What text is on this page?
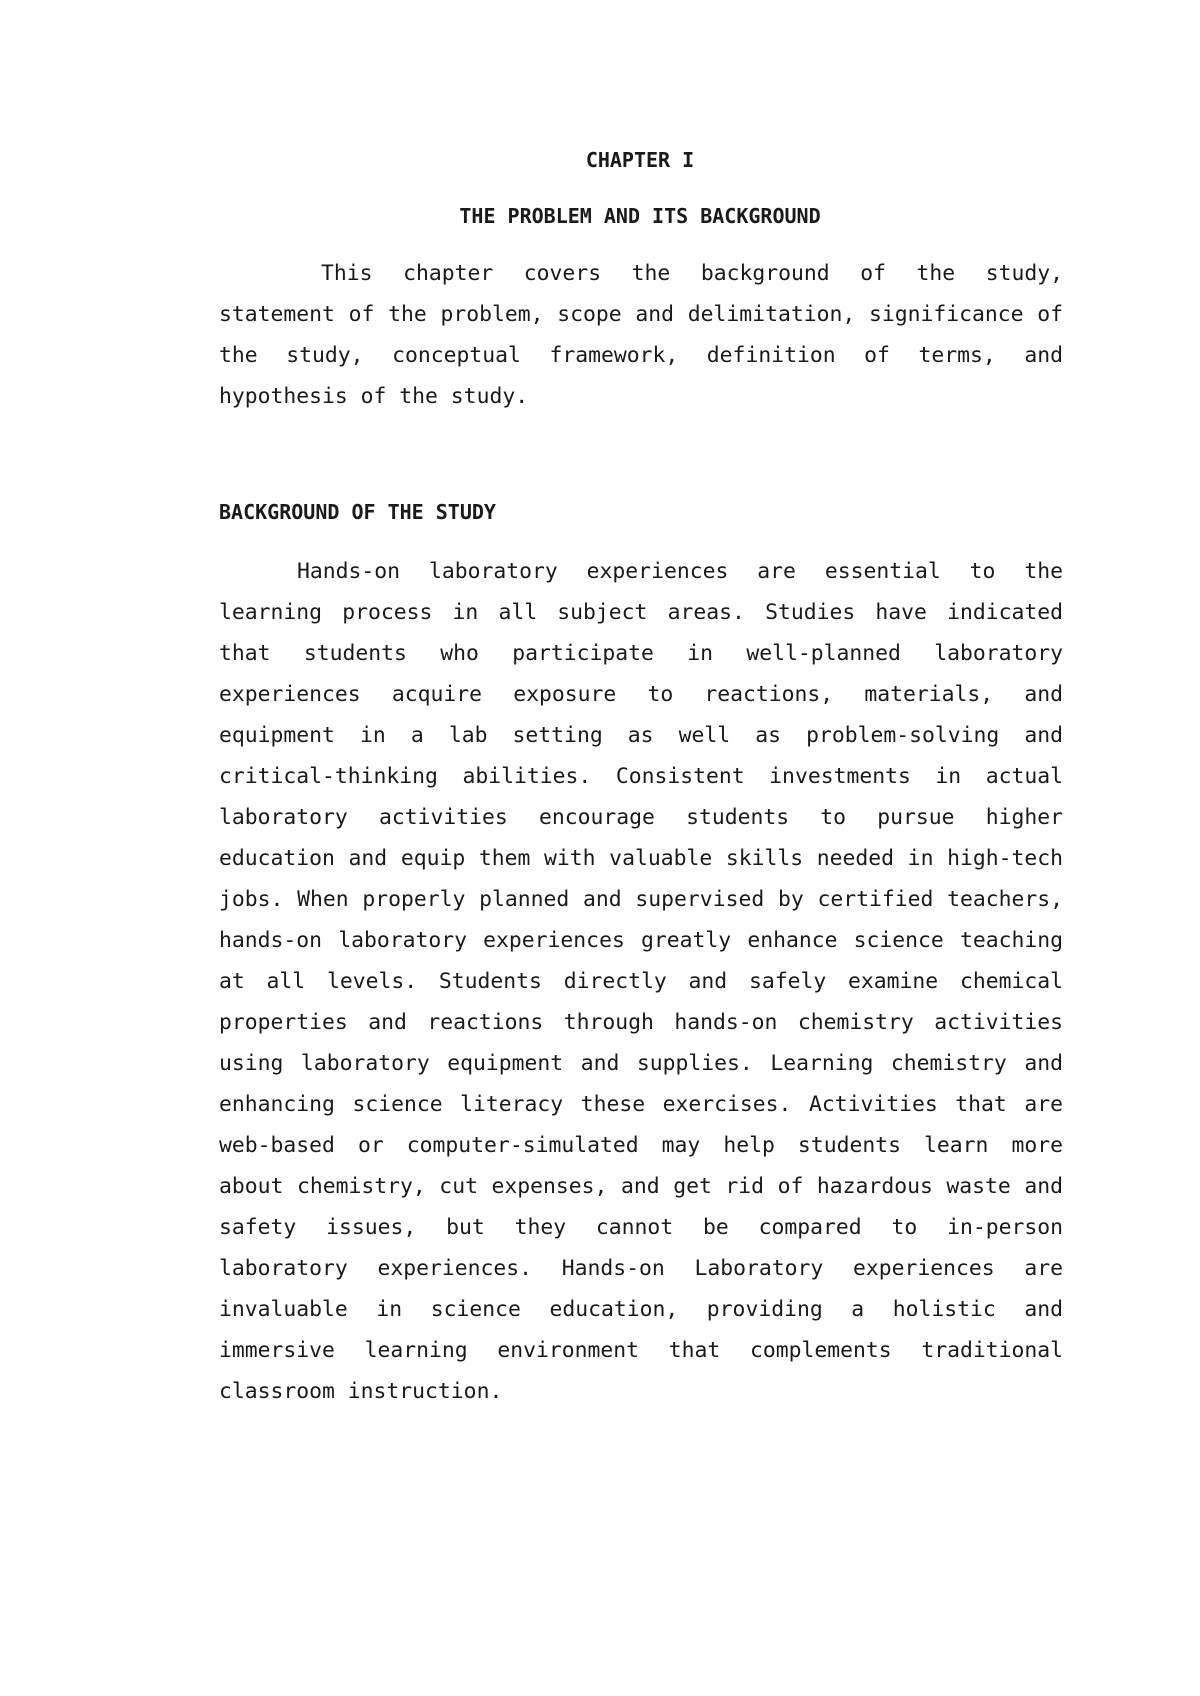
CHAPTER I
THE PROBLEM AND ITS BACKGROUND

This chapter covers the background of the study, statement of the problem, scope and delimitation, significance of the study, conceptual framework, definition of terms, and hypothesis of the study.

BACKGROUND OF THE STUDY

Hands-on laboratory experiences are essential to the learning process in all subject areas. Studies have indicated that students who participate in well-planned laboratory experiences acquire exposure to reactions, materials, and equipment in a lab setting as well as problem-solving and critical-thinking abilities. Consistent investments in actual laboratory activities encourage students to pursue higher education and equip them with valuable skills needed in high-tech jobs. When properly planned and supervised by certified teachers, hands-on laboratory experiences greatly enhance science teaching at all levels. Students directly and safely examine chemical properties and reactions through hands-on chemistry activities using laboratory equipment and supplies. Learning chemistry and enhancing science literacy these exercises. Activities that are web-based or computer-simulated may help students learn more about chemistry, cut expenses, and get rid of hazardous waste and safety issues, but they cannot be compared to in-person laboratory experiences. Hands-on Laboratory experiences are invaluable in science education, providing a holistic and immersive learning environment that complements traditional classroom instruction.
